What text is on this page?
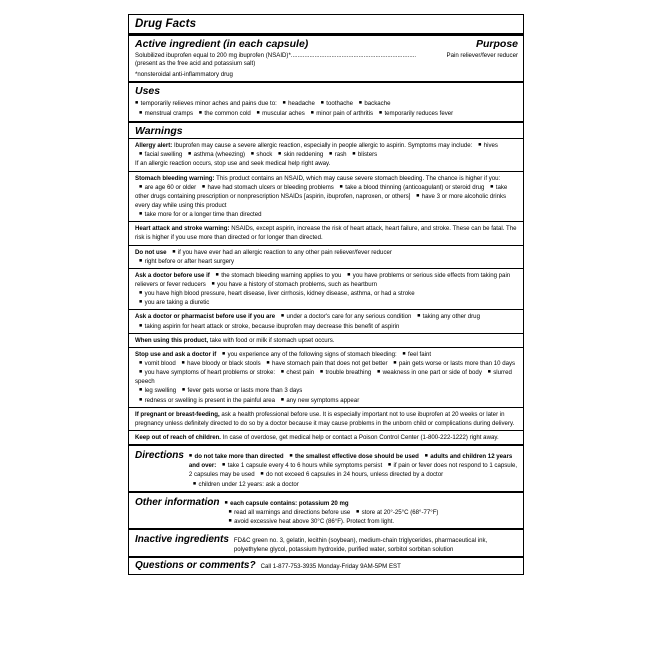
Drug Facts
Active ingredient (in each capsule)	Purpose
Solubilized ibuprofen equal to 200 mg ibuprofen (NSAID)*..........................................................................	Pain reliever/fever reducer
(present as the free acid and potassium salt)
*nonsteroidal anti-inflammatory drug
Uses
■ temporarily relieves minor aches and pains due to: ■ headache ■ toothache ■ backache
■ menstrual cramps ■ the common cold ■ muscular aches ■ minor pain of arthritis ■ temporarily reduces fever
Warnings
Allergy alert: Ibuprofen may cause a severe allergic reaction, especially in people allergic to aspirin. Symptoms may include: ■ hives ■ facial swelling ■ asthma (wheezing) ■ shock ■ skin reddening ■ rash ■ blisters
If an allergic reaction occurs, stop use and seek medical help right away.
Stomach bleeding warning: This product contains an NSAID, which may cause severe stomach bleeding. The chance is higher if you: ■ are age 60 or older ■ have had stomach ulcers or bleeding problems ■ take a blood thinning (anticoagulant) or steroid drug ■ take other drugs containing prescription or nonprescription NSAIDs [aspirin, ibuprofen, naproxen, or others] ■ have 3 or more alcoholic drinks every day while using this product
■ take more for or a longer time than directed
Heart attack and stroke warning: NSAIDs, except aspirin, increase the risk of heart attack, heart failure, and stroke. These can be fatal. The risk is higher if you use more than directed or for longer than directed.
Do not use ■ if you have ever had an allergic reaction to any other pain reliever/fever reducer
■ right before or after heart surgery
Ask a doctor before use if ■ the stomach bleeding warning applies to you ■ you have problems or serious side effects from taking pain relievers or fever reducers ■ you have a history of stomach problems, such as heartburn
■ you have high blood pressure, heart disease, liver cirrhosis, kidney disease, asthma, or had a stroke
■ you are taking a diuretic
Ask a doctor or pharmacist before use if you are ■ under a doctor's care for any serious condition ■ taking any other drug
■ taking aspirin for heart attack or stroke, because ibuprofen may decrease this benefit of aspirin
When using this product, take with food or milk if stomach upset occurs.
Stop use and ask a doctor if ■ you experience any of the following signs of stomach bleeding: ■ feel faint
■ vomit blood ■ have bloody or black stools ■ have stomach pain that does not get better ■ pain gets worse or lasts more than 10 days
■ you have symptoms of heart problems or stroke: ■ chest pain ■ trouble breathing ■ weakness in one part or side of body ■ slurred speech
■ leg swelling ■ fever gets worse or lasts more than 3 days
■ redness or swelling is present in the painful area ■ any new symptoms appear
If pregnant or breast-feeding, ask a health professional before use. It is especially important not to use ibuprofen at 20 weeks or later in pregnancy unless definitely directed to do so by a doctor because it may cause problems in the unborn child or complications during delivery.
Keep out of reach of children. In case of overdose, get medical help or contact a Poison Control Center (1-800-222-1222) right away.
Directions	■ do not take more than directed ■ the smallest effective dose should be used ■ adults and children 12 years and over: ■ take 1 capsule every 4 to 6 hours while symptoms persist ■ if pain or fever does not respond to 1 capsule, 2 capsules may be used ■ do not exceed 6 capsules in 24 hours, unless directed by a doctor
■ children under 12 years: ask a doctor
Other information	■ each capsule contains: potassium 20 mg
■ read all warnings and directions before use ■ store at 20°-25°C (68°-77°F)
■ avoid excessive heat above 30°C (86°F). Protect from light.
Inactive ingredients FD&C green no. 3, gelatin, lecithin (soybean), medium-chain triglycerides, pharmaceutical ink, polyethylene glycol, potassium hydroxide, purified water, sorbitol sorbitan solution
Questions or comments? Call 1-877-753-3935 Monday-Friday 9AM-5PM EST
